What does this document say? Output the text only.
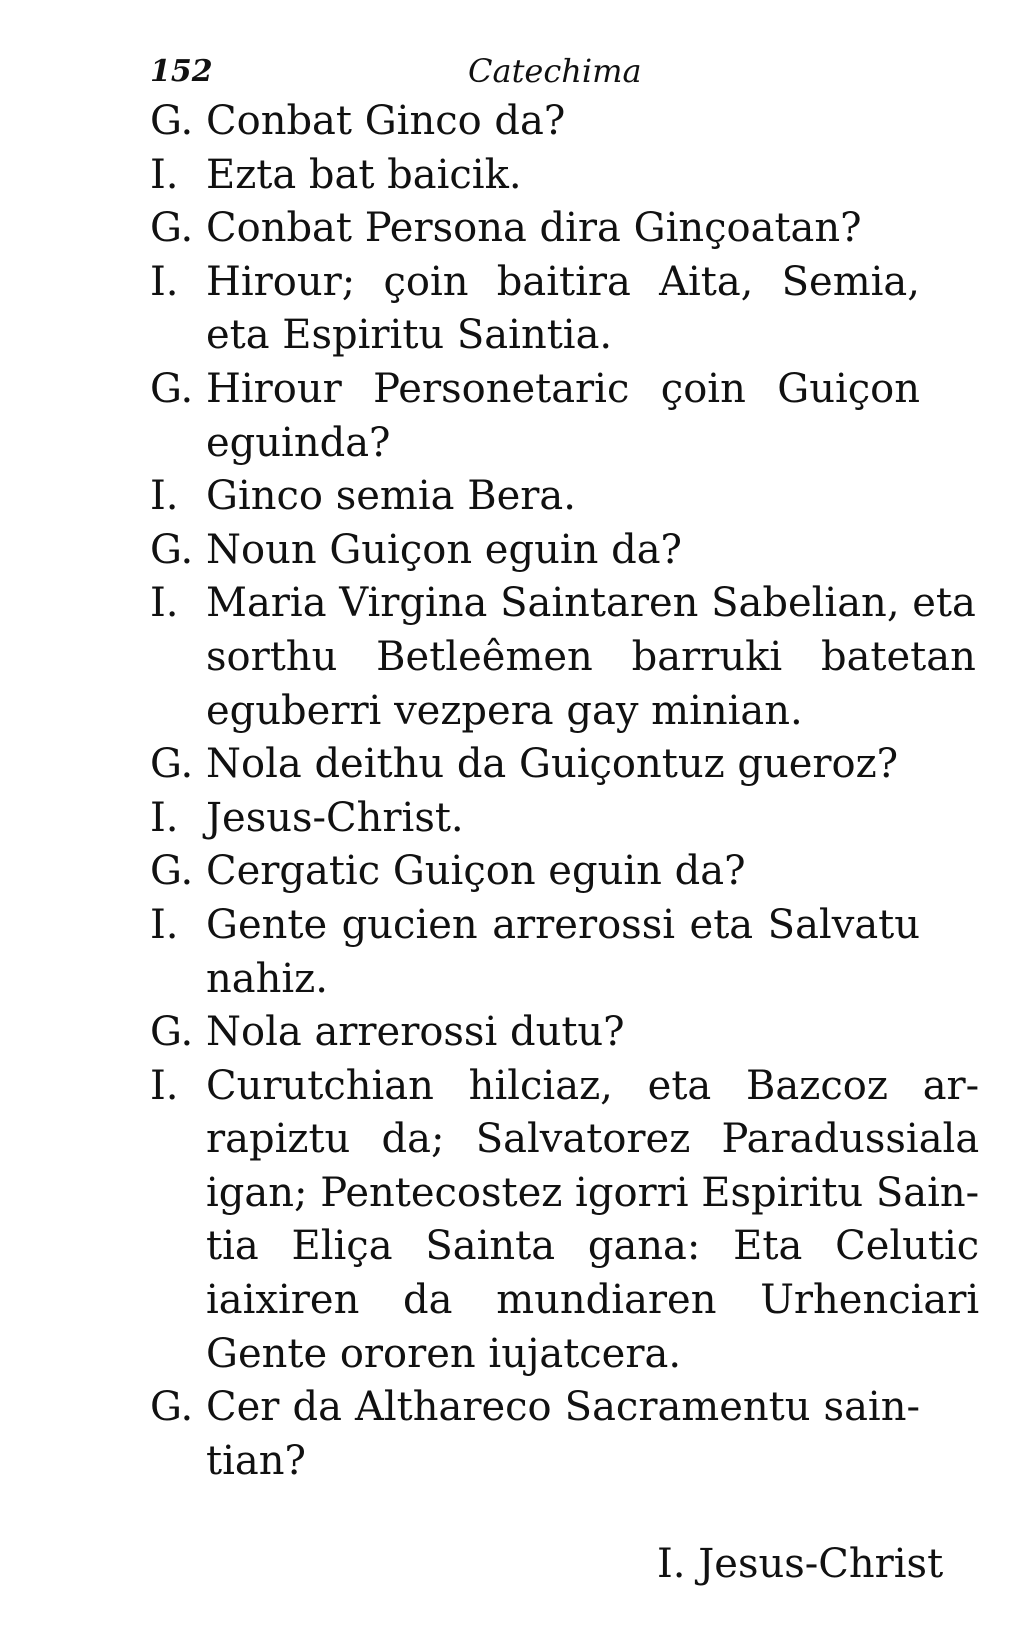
152	Catechima
G. Conbat Ginco da?
I. Ezta bat baicik.
G. Conbat Persona dira Ginçoatan?
I. Hirour; çoin baitira Aita, Semia,
eta Espiritu Saintia.
G. Hirour Personetaric çoin Guiçon
eguinda?
I. Ginco semia Bera.
G. Noun Guiçon eguin da?
I. Maria Virgina Saintaren Sabelian, eta
sorthu Betleêmen barruki batetan
eguberri vezpera gay minian.
G. Nola deithu da Guiçontuz gueroz?
I. Jesus-Christ.
G. Cergatic Guiçon eguin da?
I. Gente gucien arrerossi eta Salvatu
nahiz.
G. Nola arrerossi dutu?
I. Curutchian hilciaz, eta Bazcoz ar-
rapiztu da; Salvatorez Paradussiala
igan; Pentecostez igorri Espiritu Sain-
tia Eliça Sainta gana: Eta Celutic
iaixiren da mundiaren Urhenciari
Gente ororen iujatcera.
G. Cer da Althareco Sacramentu sain-
tian?
I. Jesus-Christ
